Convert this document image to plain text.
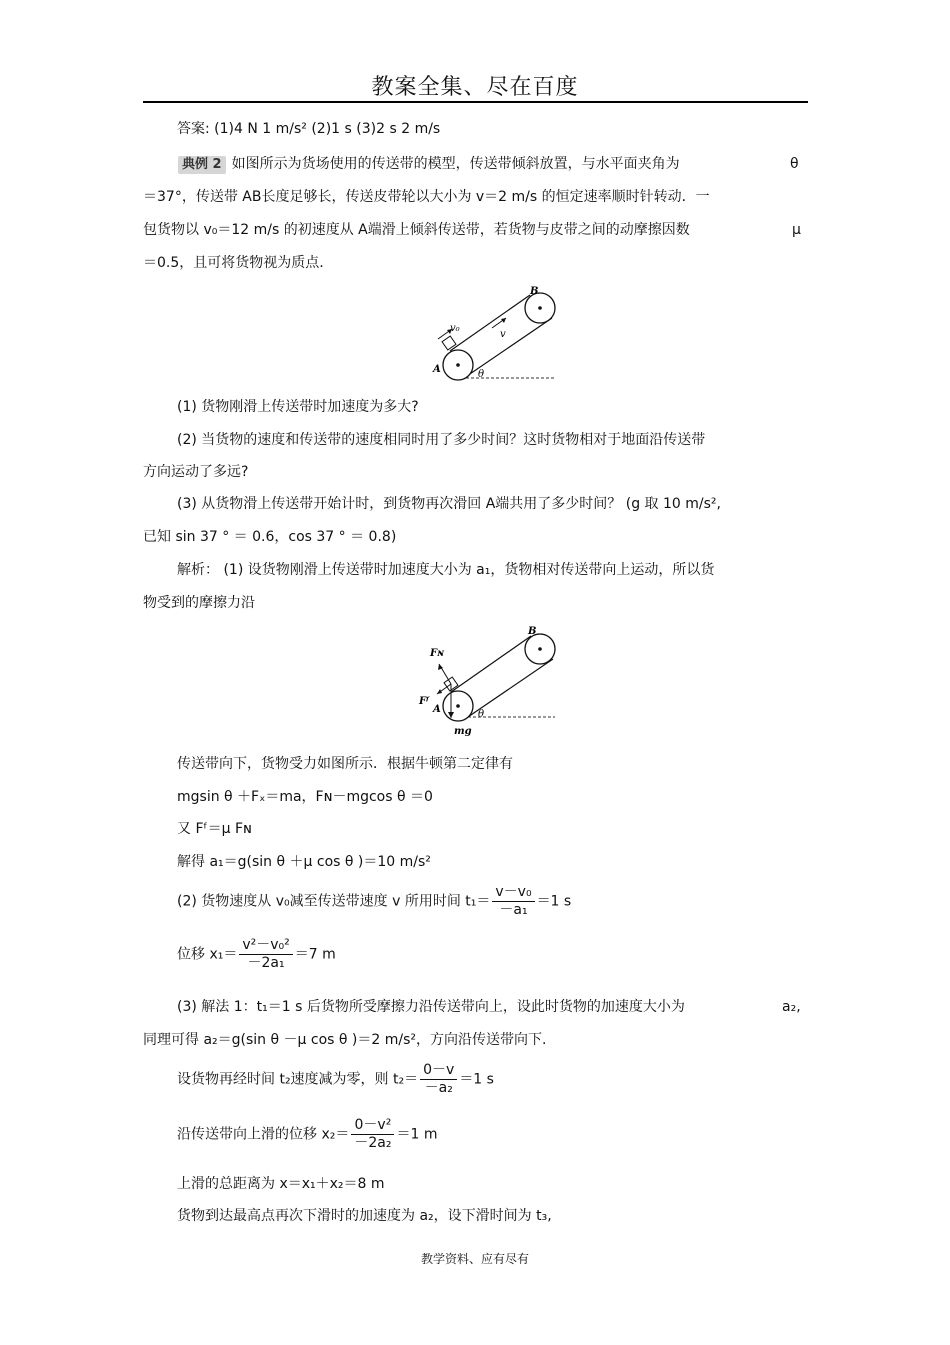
教案全集、尽在百度
答案: (1)4 N 1 m/s² (2)1 s (3)2 s 2 m/s
典例 2 如图所示为货场使用的传送带的模型，传送带倾斜放置，与水平面夹角为	θ
＝37°，传送带 AB长度足够长，传送皮带轮以大小为 v＝2 m/s 的恒定速率顺时针转动．一
包货物以 v₀＝12 m/s 的初速度从 A端滑上倾斜传送带，若货物与皮带之间的动摩擦因数	μ
＝0.5，且可将货物视为质点.
v₀
v
B
A	θ
(1) 货物刚滑上传送带时加速度为多大?
(2) 当货物的速度和传送带的速度相同时用了多少时间？这时货物相对于地面沿传送带
方向运动了多远?
(3) 从货物滑上传送带开始计时，到货物再次滑回 A端共用了多少时间？ (g 取 10 m/s²,
已知 sin 37 ° ＝ 0.6，cos 37 ° ＝ 0.8)
解析： (1) 设货物刚滑上传送带时加速度大小为 a₁，货物相对传送带向上运动，所以货
物受到的摩擦力沿
Fɴ
Fᶠ
mg
B
A	θ
传送带向下，货物受力如图所示．根据牛顿第二定律有
mgsin θ ＋Fₓ＝ma，Fɴ－mgcos θ ＝0
又 Fᶠ＝μ Fɴ
解得 a₁＝g(sin θ ＋μ cos θ )＝10 m/s²
(2) 货物速度从 v₀减至传送带速度 v 所用时间 $t_1= \frac{\text{v－v₀}}{\text{－a₁}} =1$ s
位移 $x_1= \frac{\text{v²－v₀²}}{\text{－2a₁}} =7$ m
(3) 解法 1：t₁＝1 s 后货物所受摩擦力沿传送带向上，设此时货物的加速度大小为	a₂,
同理可得 a₂＝g(sin θ －μ cos θ )＝2 m/s²，方向沿传送带向下.
设货物再经时间 t₂速度减为零，则 $t_2= \frac{0-v}{\text{－a₂}} =1$ s
沿传送带向上滑的位移 $x_2= \frac{\text{0－v²}}{\text{－2a₂}} =1$ m
上滑的总距离为 x＝x₁＋x₂＝8 m
货物到达最高点再次下滑时的加速度为 a₂，设下滑时间为 t₃,
教学资料、应有尽有
